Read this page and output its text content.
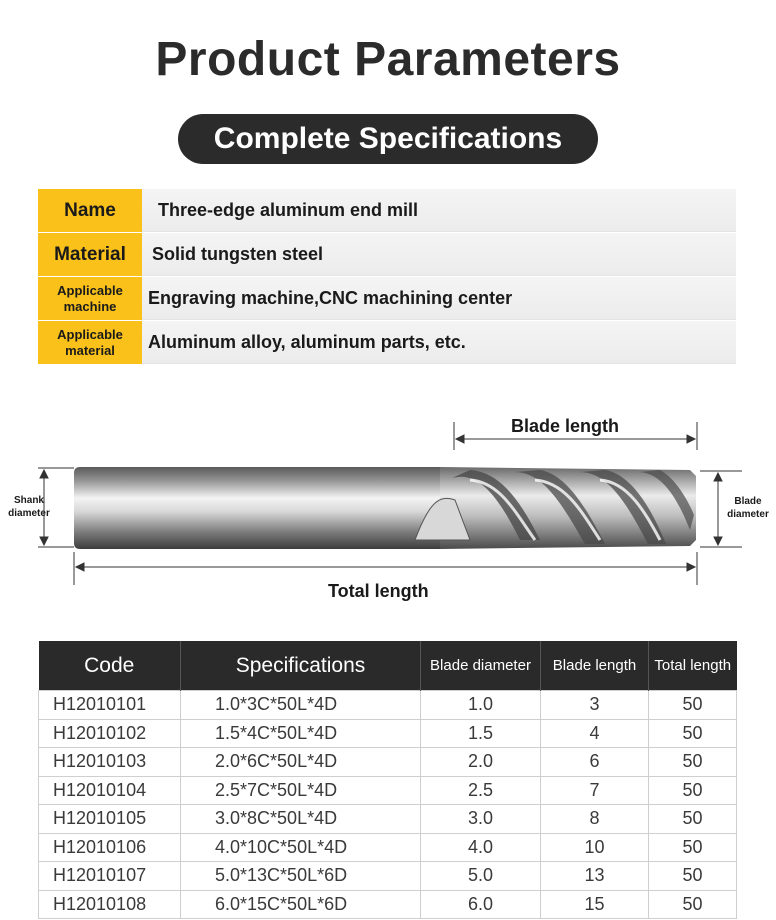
Product Parameters
Complete Specifications
Name	Three-edge aluminum end mill
Material	Solid tungsten steel
Applicable machine	Engraving machine,CNC machining center
Applicable material	Aluminum alloy, aluminum parts, etc.
Blade length
Total length
Shank diameter
Blade diameter
Code	Specifications	Blade diameter	Blade length	Total length
H12010101	1.0*3C*50L*4D	1.0	3	50
H12010102	1.5*4C*50L*4D	1.5	4	50
H12010103	2.0*6C*50L*4D	2.0	6	50
H12010104	2.5*7C*50L*4D	2.5	7	50
H12010105	3.0*8C*50L*4D	3.0	8	50
H12010106	4.0*10C*50L*4D	4.0	10	50
H12010107	5.0*13C*50L*6D	5.0	13	50
H12010108	6.0*15C*50L*6D	6.0	15	50
